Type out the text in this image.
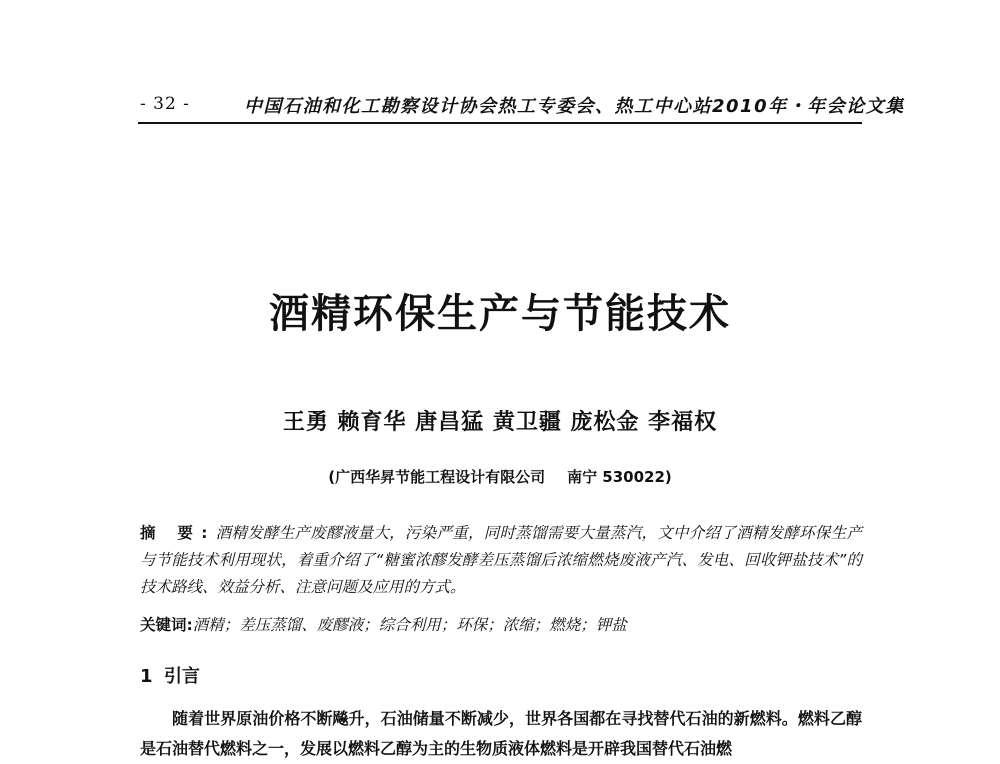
- 32 -	中国石油和化工勘察设计协会热工专委会、热工中心站2010年・年会论文集
酒精环保生产与节能技术
王勇 赖育华 唐昌猛 黄卫疆 庞松金 李福权
(广西华昇节能工程设计有限公司 南宁 530022)
摘 要:酒精发酵生产废醪液量大，污染严重，同时蒸馏需要大量蒸汽，文中介绍了酒精发酵环保生产与节能技术利用现状，着重介绍了“糖蜜浓醪发酵差压蒸馏后浓缩燃烧废液产汽、发电、回收钾盐技术”的技术路线、效益分析、注意问题及应用的方式。
关键词:酒精；差压蒸馏、废醪液；综合利用；环保；浓缩；燃烧；钾盐
1 引言
随着世界原油价格不断飚升，石油储量不断减少，世界各国都在寻找替代石油的新燃料。燃料乙醇是石油替代燃料之一，发展以燃料乙醇为主的生物质液体燃料是开辟我国替代石油燃
